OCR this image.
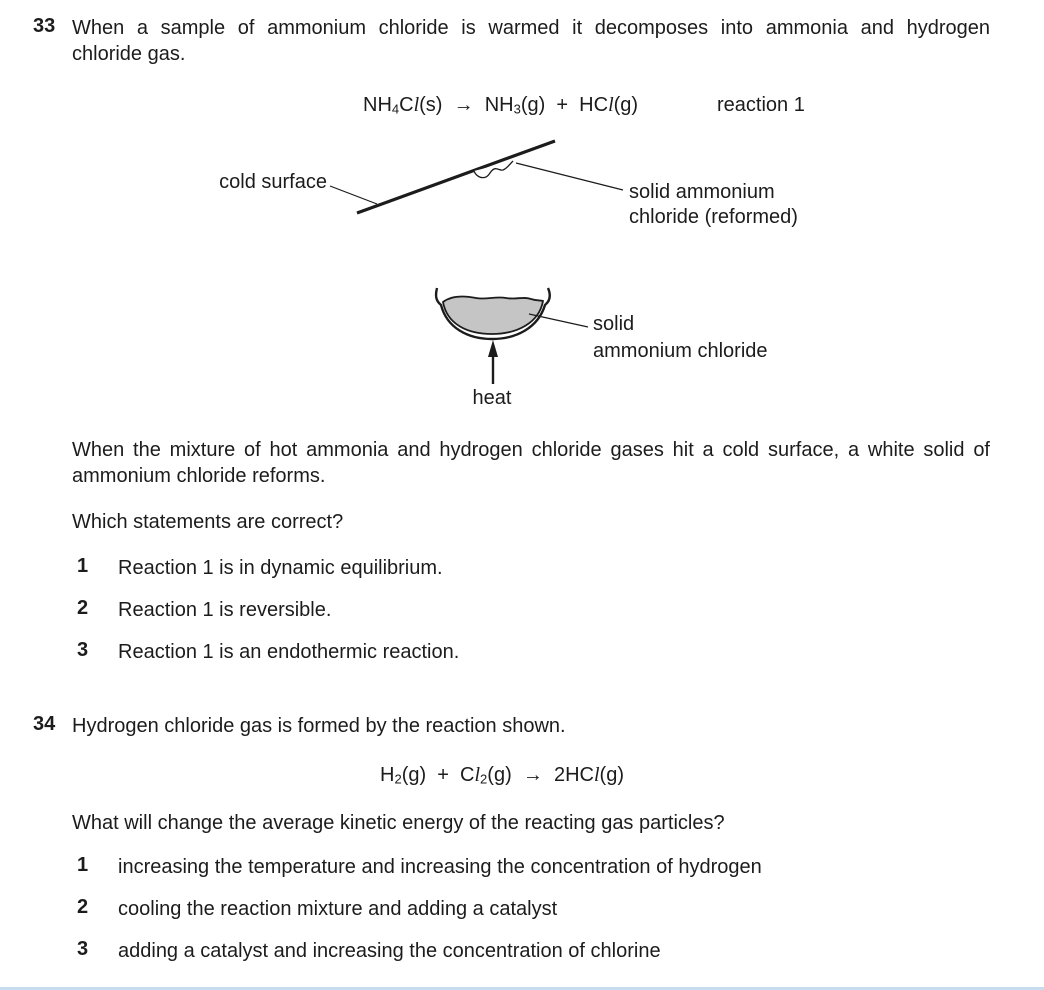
33 When a sample of ammonium chloride is warmed it decomposes into ammonia and hydrogen
chloride gas.
NH4Cl(s)  →  NH3(g)  +  HCl(g)	reaction 1
cold surface	solid ammonium
chloride (reformed)
solid
ammonium chloride
heat
When the mixture of hot ammonia and hydrogen chloride gases hit a cold surface, a white solid of
ammonium chloride reforms.
Which statements are correct?
1 Reaction 1 is in dynamic equilibrium.
2 Reaction 1 is reversible.
3 Reaction 1 is an endothermic reaction.
34 Hydrogen chloride gas is formed by the reaction shown.
H2(g)  +  Cl2(g)  →  2HCl(g)
What will change the average kinetic energy of the reacting gas particles?
1 increasing the temperature and increasing the concentration of hydrogen
2 cooling the reaction mixture and adding a catalyst
3 adding a catalyst and increasing the concentration of chlorine
